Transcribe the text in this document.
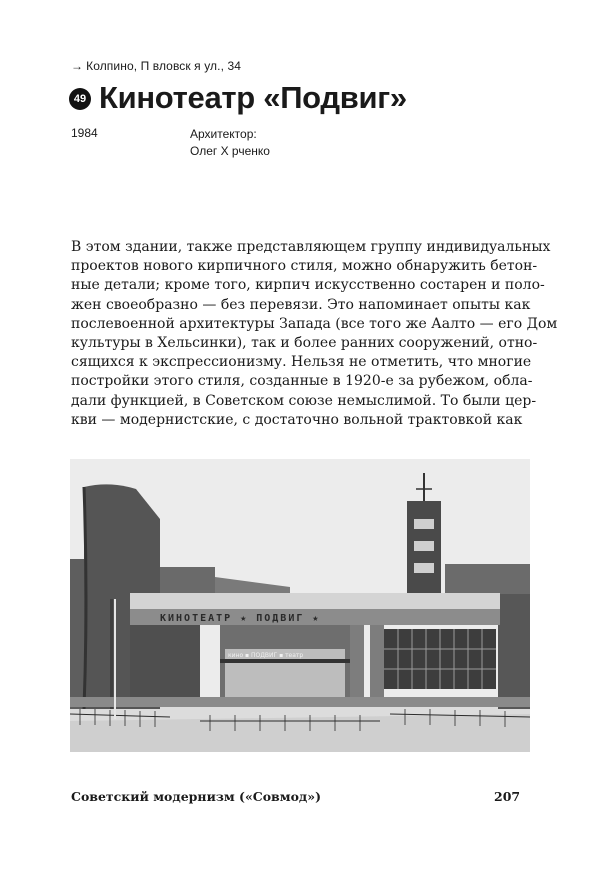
→ Колпино, П вловск я ул., 34
49 Кинотеатр «Подвиг»
1984	Архитектор:
Олег Х рченко
В этом здании, также представляющем группу индивидуальных
проектов нового кирпичного стиля, можно обнаружить бетон-
ные детали; кроме того, кирпич искусственно состарен и поло-
жен своеобразно — без перевязи. Это напоминает опыты как
послевоенной архитектуры Запада (все того же Аалто — его Дом
культуры в Хельсинки), так и более ранних сооружений, отно-
сящихся к экспрессионизму. Нельзя не отметить, что многие
постройки этого стиля, созданные в 1920-е за рубежом, обла-
дали функцией, в Советском союзе немыслимой. То были цер-
кви — модернистские, с достаточно вольной трактовкой как
КИНОТЕАТР ★ ПОДВИГ ★
кино ▪ ПОДВИГ ▪ театр
Советский модернизм («Совмод»)	207
